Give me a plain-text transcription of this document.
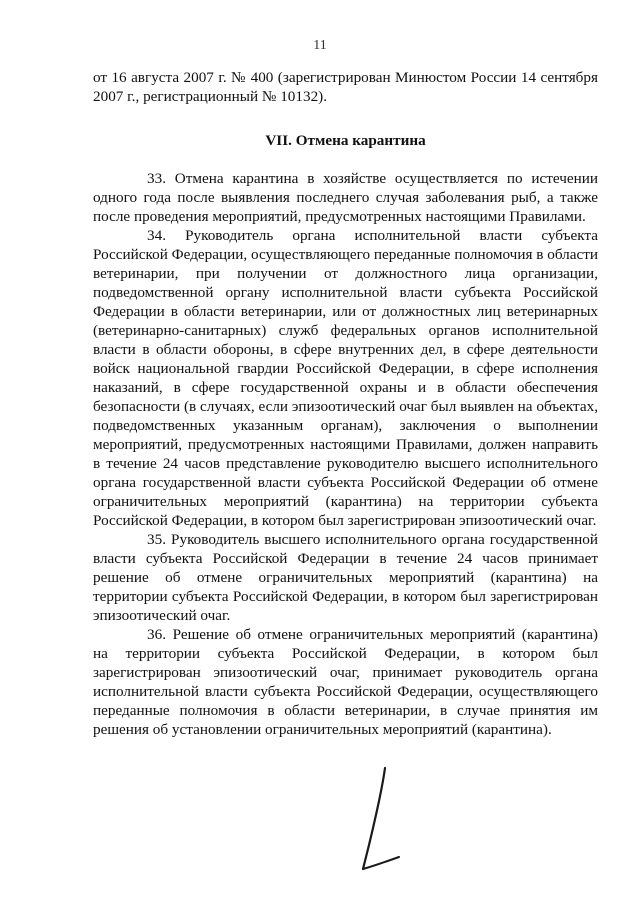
11

от 16 августа 2007 г. № 400 (зарегистрирован Минюстом России 14 сентября 2007 г., регистрационный № 10132).

VII. Отмена карантина

33. Отмена карантина в хозяйстве осуществляется по истечении одного года после выявления последнего случая заболевания рыб, а также после проведения мероприятий, предусмотренных настоящими Правилами.

34. Руководитель органа исполнительной власти субъекта Российской Федерации, осуществляющего переданные полномочия в области ветеринарии, при получении от должностного лица организации, подведомственной органу исполнительной власти субъекта Российской Федерации в области ветеринарии, или от должностных лиц ветеринарных (ветеринарно-санитарных) служб федеральных органов исполнительной власти в области обороны, в сфере внутренних дел, в сфере деятельности войск национальной гвардии Российской Федерации, в сфере исполнения наказаний, в сфере государственной охраны и в области обеспечения безопасности (в случаях, если эпизоотический очаг был выявлен на объектах, подведомственных указанным органам), заключения о выполнении мероприятий, предусмотренных настоящими Правилами, должен направить в течение 24 часов представление руководителю высшего исполнительного органа государственной власти субъекта Российской Федерации об отмене ограничительных мероприятий (карантина) на территории субъекта Российской Федерации, в котором был зарегистрирован эпизоотический очаг.

35. Руководитель высшего исполнительного органа государственной власти субъекта Российской Федерации в течение 24 часов принимает решение об отмене ограничительных мероприятий (карантина) на территории субъекта Российской Федерации, в котором был зарегистрирован эпизоотический очаг.

36. Решение об отмене ограничительных мероприятий (карантина) на территории субъекта Российской Федерации, в котором был зарегистрирован эпизоотический очаг, принимает руководитель органа исполнительной власти субъекта Российской Федерации, осуществляющего переданные полномочия в области ветеринарии, в случае принятия им решения об установлении ограничительных мероприятий (карантина).
